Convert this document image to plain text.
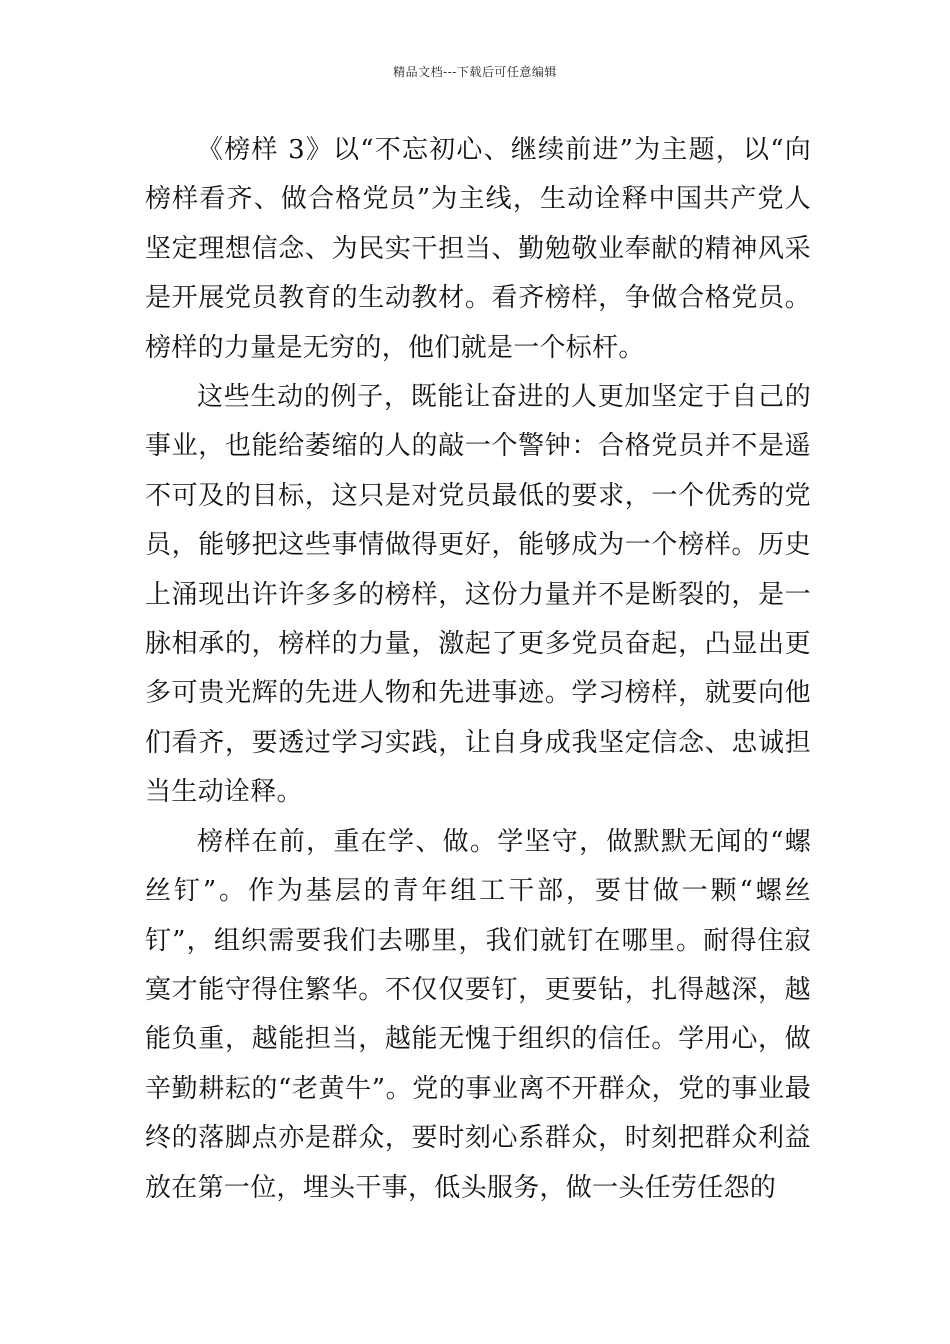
精品文档---下载后可任意编辑

《榜样 3》以“不忘初心、继续前进”为主题，以“向榜样看齐、做合格党员”为主线，生动诠释中国共产党人坚定理想信念、为民实干担当、勤勉敬业奉献的精神风采是开展党员教育的生动教材。看齐榜样，争做合格党员。榜样的力量是无穷的，他们就是一个标杆。

这些生动的例子，既能让奋进的人更加坚定于自己的事业，也能给萎缩的人的敲一个警钟：合格党员并不是遥不可及的目标，这只是对党员最低的要求，一个优秀的党员，能够把这些事情做得更好，能够成为一个榜样。历史上涌现出许许多多的榜样，这份力量并不是断裂的，是一脉相承的，榜样的力量，激起了更多党员奋起，凸显出更多可贵光辉的先进人物和先进事迹。学习榜样，就要向他们看齐，要透过学习实践，让自身成我坚定信念、忠诚担当生动诠释。

榜样在前，重在学、做。学坚守，做默默无闻的“螺丝钉”。作为基层的青年组工干部，要甘做一颗“螺丝钉”，组织需要我们去哪里，我们就钉在哪里。耐得住寂寞才能守得住繁华。不仅仅要钉，更要钻，扎得越深，越能负重，越能担当，越能无愧于组织的信任。学用心，做辛勤耕耘的“老黄牛”。党的事业离不开群众，党的事业最终的落脚点亦是群众，要时刻心系群众，时刻把群众利益放在第一位，埋头干事，低头服务，做一头任劳任怨的
